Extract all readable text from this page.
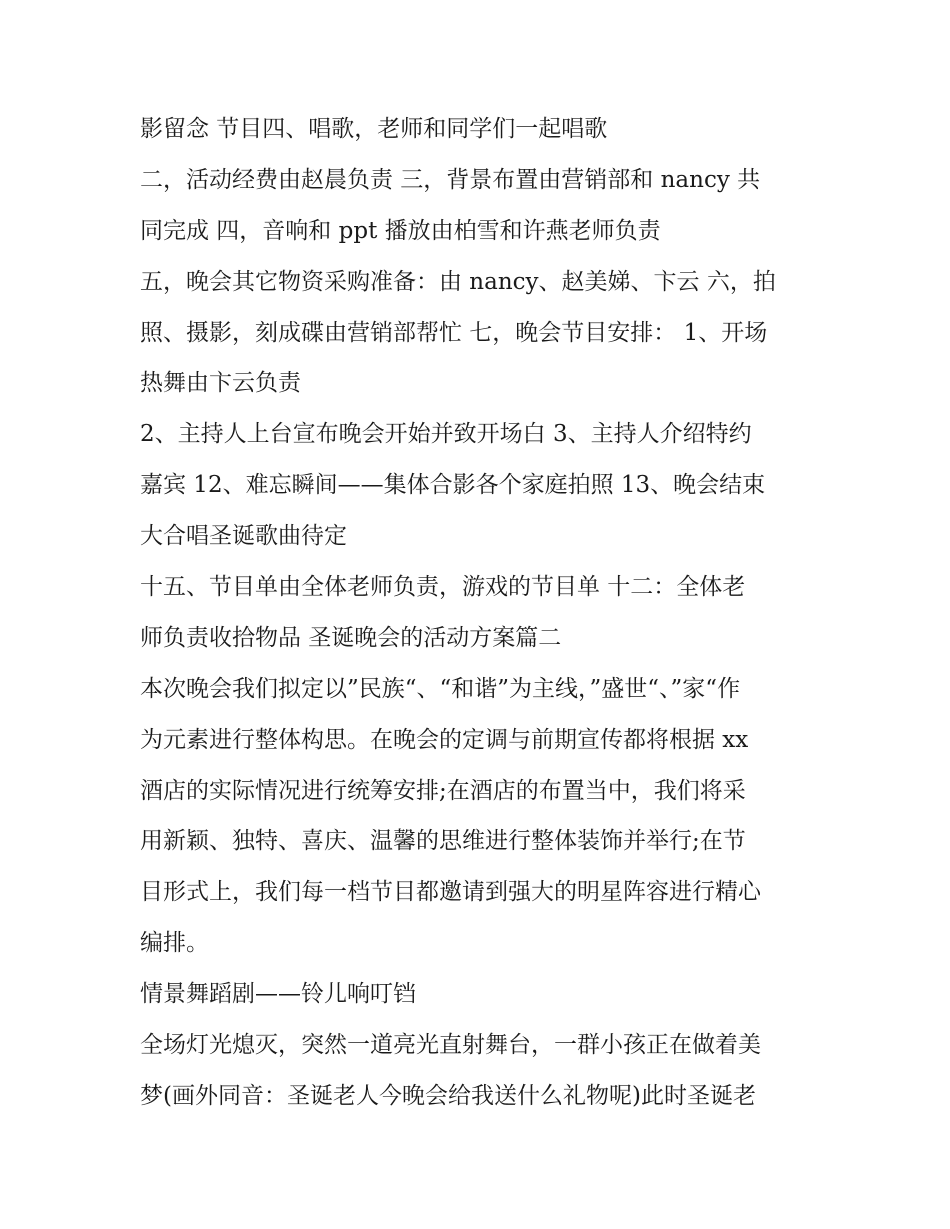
影留念 节目四、唱歌，老师和同学们一起唱歌
二，活动经费由赵晨负责 三，背景布置由营销部和 nancy 共
同完成 四，音响和 ppt 播放由柏雪和许燕老师负责
五，晚会其它物资采购准备：由 nancy、赵美娣、卞云 六，拍
照、摄影，刻成碟由营销部帮忙 七，晚会节目安排： 1、开场
热舞由卞云负责
2、主持人上台宣布晚会开始并致开场白 3、主持人介绍特约
嘉宾 12、难忘瞬间——集体合影各个家庭拍照 13、晚会结束
大合唱圣诞歌曲待定
十五、节目单由全体老师负责，游戏的节目单 十二：全体老
师负责收拾物品 圣诞晚会的活动方案篇二
本次晚会我们拟定以”民族“、“和谐”为主线，”盛世“、”家“作
为元素进行整体构思。在晚会的定调与前期宣传都将根据 xx
酒店的实际情况进行统筹安排;在酒店的布置当中，我们将采
用新颖、独特、喜庆、温馨的思维进行整体装饰并举行;在节
目形式上，我们每一档节目都邀请到强大的明星阵容进行精心
编排。
情景舞蹈剧——铃儿响叮铛
全场灯光熄灭，突然一道亮光直射舞台，一群小孩正在做着美
梦(画外同音：圣诞老人今晚会给我送什么礼物呢)此时圣诞老
